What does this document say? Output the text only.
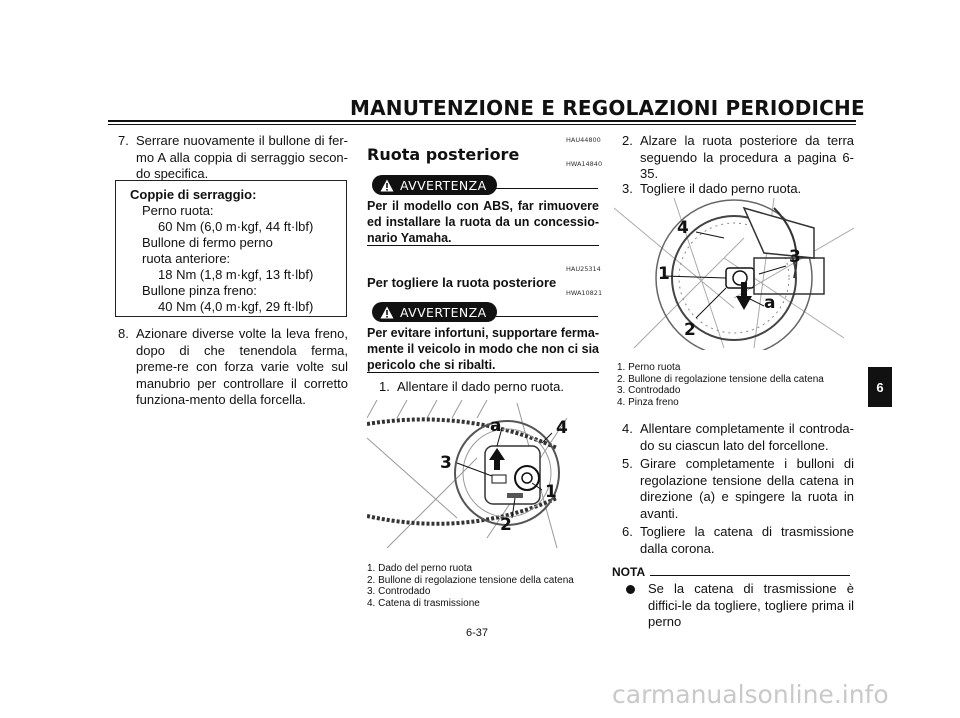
MANUTENZIONE E REGOLAZIONI PERIODICHE
7. Serrare nuovamente il bullone di fer-mo A alla coppia di serraggio secon-do specifica.
Coppie di serraggio:
Perno ruota:
60 Nm (6,0 m·kgf, 44 ft·lbf)
Bullone di fermo perno ruota anteriore:
18 Nm (1,8 m·kgf, 13 ft·lbf)
Bullone pinza freno:
40 Nm (4,0 m·kgf, 29 ft·lbf)
8. Azionare diverse volte la leva freno, dopo di che tenendola ferma, preme-re con forza varie volte sul manubrio per controllare il corretto funziona-mento della forcella.
HAU44800
Ruota posteriore	HWA14840
AVVERTENZA
Per il modello con ABS, far rimuovere ed installare la ruota da un concessio-nario Yamaha.
HAU25314
Per togliere la ruota posteriore
HWA10821
AVVERTENZA
Per evitare infortuni, supportare ferma-mente il veicolo in modo che non ci sia pericolo che si ribalti.
1. Allentare il dado perno ruota.
a	4
3
1
2
1. Dado del perno ruota
2. Bullone di regolazione tensione della catena
3. Controdado
4. Catena di trasmissione
2. Alzare la ruota posteriore da terra seguendo la procedura a pagina 6-35.
3. Togliere il dado perno ruota.
4
3
1
a
2
1. Perno ruota
2. Bullone di regolazione tensione della catena
3. Controdado
4. Pinza freno
4. Allentare completamente il controda-do su ciascun lato del forcellone.
5. Girare completamente i bulloni di regolazione tensione della catena in direzione (a) e spingere la ruota in avanti.
6. Togliere la catena di trasmissione dalla corona.
NOTA
Se la catena di trasmissione è diffici-le da togliere, togliere prima il perno
6
6-37
carmanualsonline.info
